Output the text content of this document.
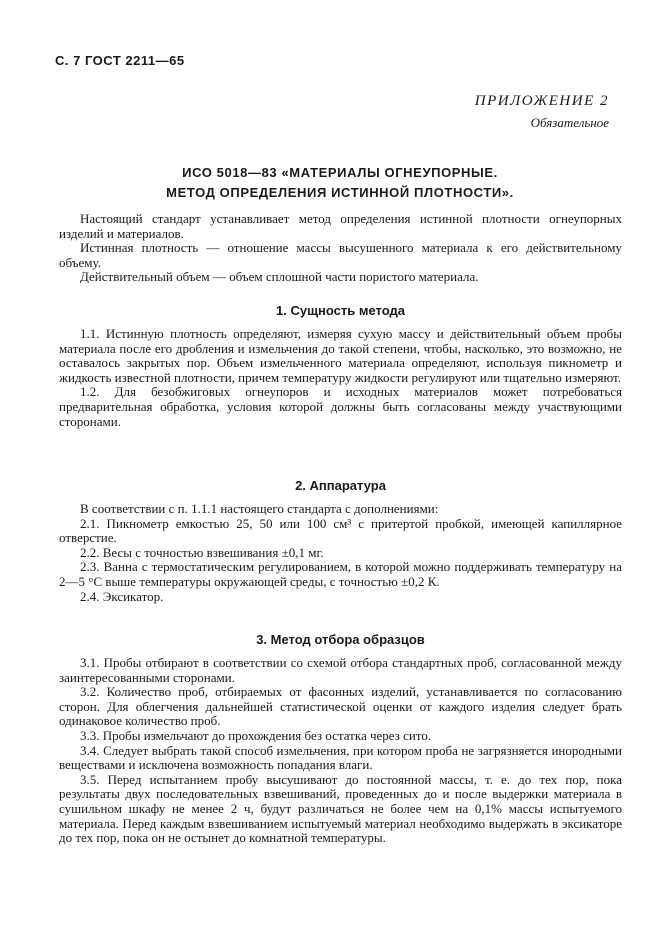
С. 7 ГОСТ 2211—65
ПРИЛОЖЕНИЕ 2
Обязательное
ИСО 5018—83 «МАТЕРИАЛЫ ОГНЕУПОРНЫЕ.
МЕТОД ОПРЕДЕЛЕНИЯ ИСТИННОЙ ПЛОТНОСТИ».

Настоящий стандарт устанавливает метод определения истинной плотности огнеупорных изделий и материалов.

Истинная плотность — отношение массы высушенного материала к его действительному объему.

Действительный объем — объем сплошной части пористого материала.

1. Сущность метода

1.1. Истинную плотность определяют, измеряя сухую массу и действительный объем пробы материала после его дробления и измельчения до такой степени, чтобы, насколько, это возможно, не оставалось закрытых пор. Объем измельченного материала определяют, используя пикнометр и жидкость известной плотности, причем температуру жидкости регулируют или тщательно измеряют.

1.2. Для безобжиговых огнеупоров и исходных материалов может потребоваться предварительная обработка, условия которой должны быть согласованы между участвующими сторонами.

2. Аппаратура

В соответствии с п. 1.1.1 настоящего стандарта с дополнениями:

2.1. Пикнометр емкостью 25, 50 или 100 см³ с притертой пробкой, имеющей капиллярное отверстие.

2.2. Весы с точностью взвешивания ±0,1 мг.

2.3. Ванна с термостатическим регулированием, в которой можно поддерживать температуру на 2—5 °С выше температуры окружающей среды, с точностью ±0,2 К.

2.4. Эксикатор.

3. Метод отбора образцов

3.1. Пробы отбирают в соответствии со схемой отбора стандартных проб, согласованной между заинтересованными сторонами.

3.2. Количество проб, отбираемых от фасонных изделий, устанавливается по согласованию сторон. Для облегчения дальнейшей статистической оценки от каждого изделия следует брать одинаковое количество проб.

3.3. Пробы измельчают до прохождения без остатка через сито.

3.4. Следует выбрать такой способ измельчения, при котором проба не загрязняется инородными веществами и исключена возможность попадания влаги.

3.5. Перед испытанием пробу высушивают до постоянной массы, т. е. до тех пор, пока результаты двух последовательных взвешиваний, проведенных до и после выдержки материала в сушильном шкафу не менее 2 ч, будут различаться не более чем на 0,1% массы испытуемого материала. Перед каждым взвешиванием испытуемый материал необходимо выдержать в эксикаторе до тех пор, пока он не остынет до комнатной температуры.
